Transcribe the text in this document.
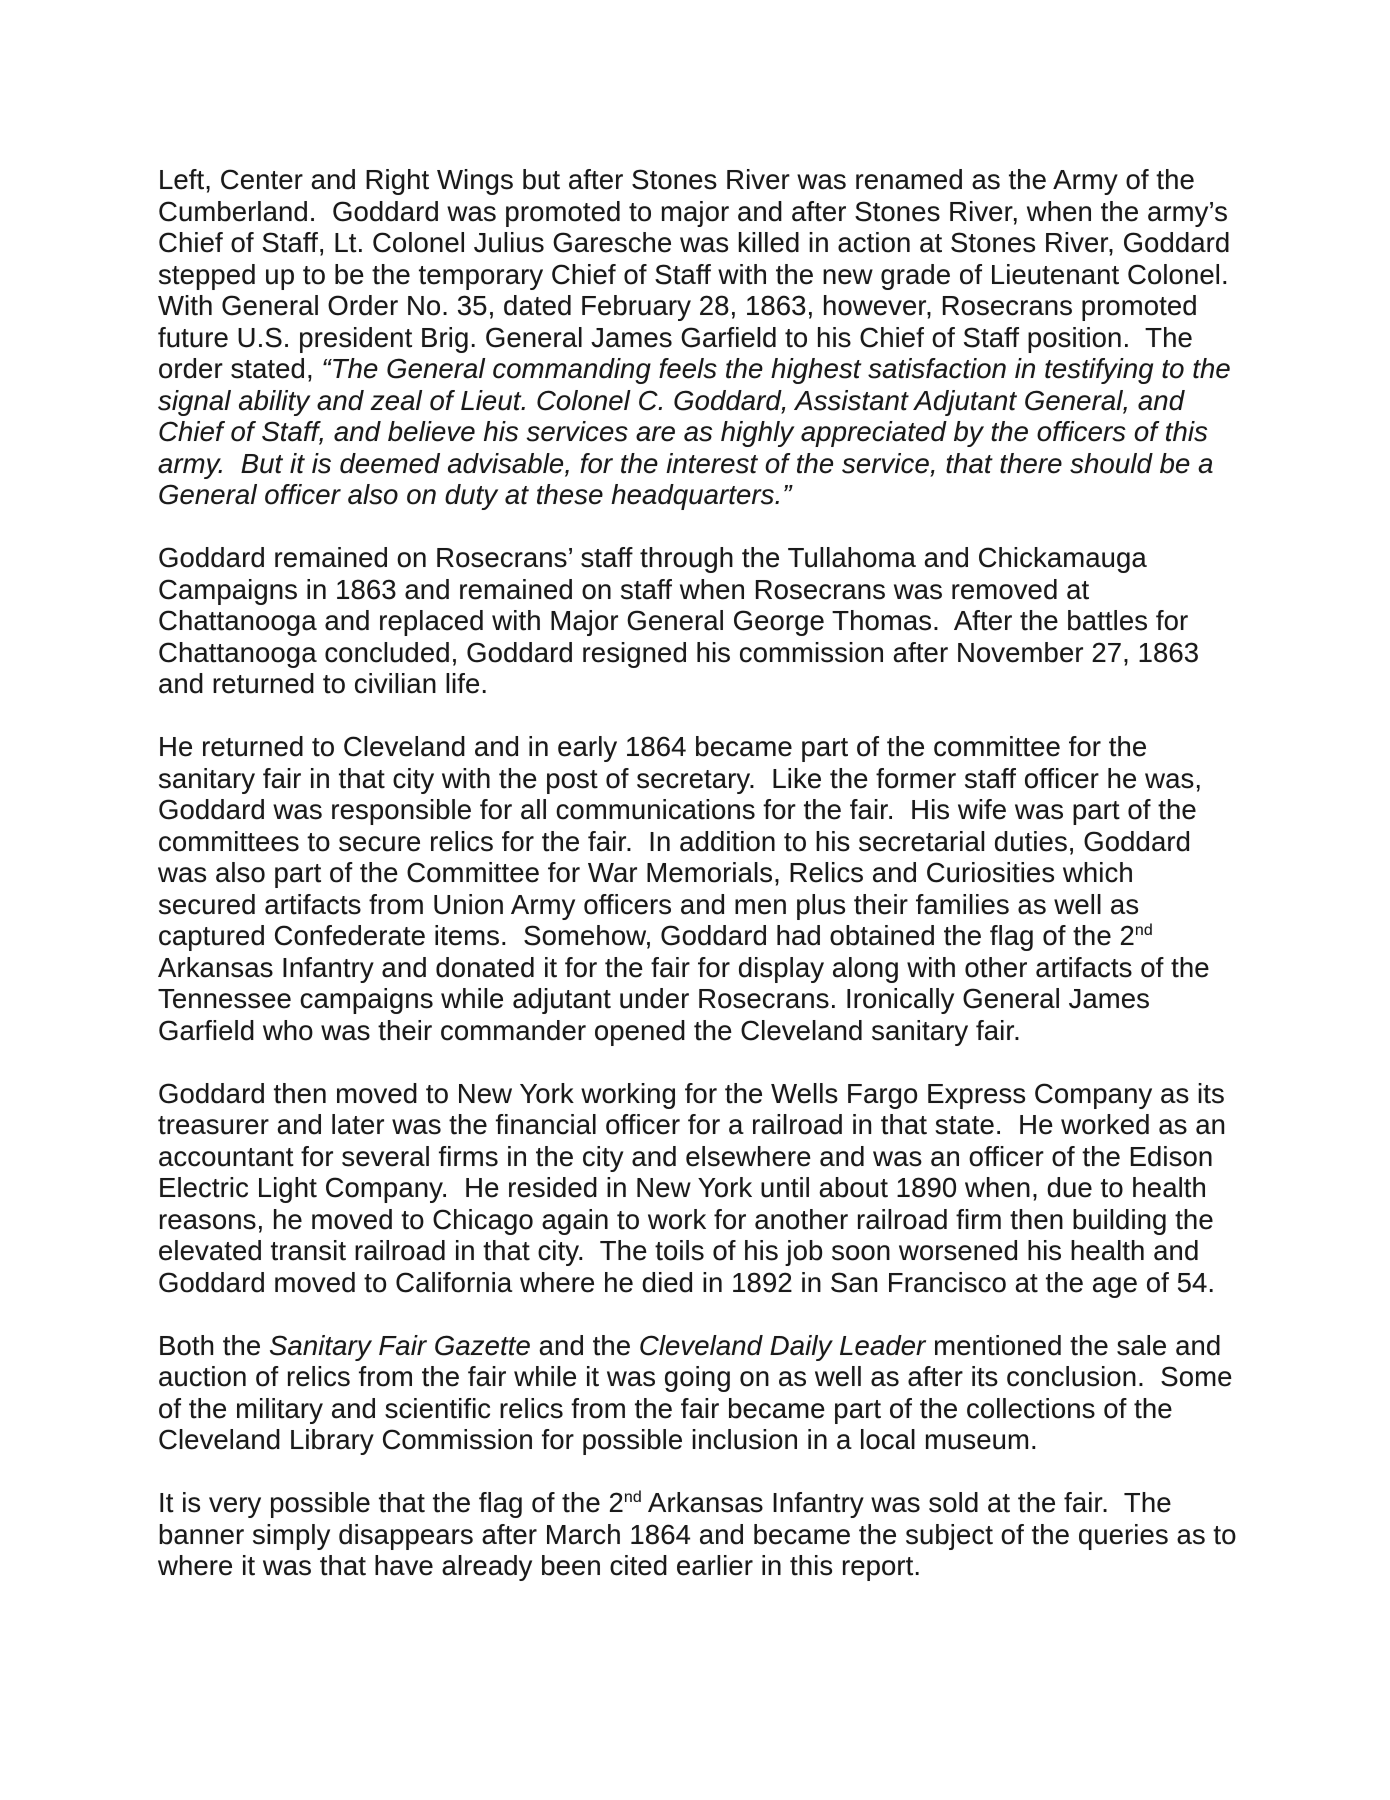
Left, Center and Right Wings but after Stones River was renamed as the Army of the
Cumberland.  Goddard was promoted to major and after Stones River, when the army’s
Chief of Staff, Lt. Colonel Julius Garesche was killed in action at Stones River, Goddard
stepped up to be the temporary Chief of Staff with the new grade of Lieutenant Colonel.
With General Order No. 35, dated February 28, 1863, however, Rosecrans promoted
future U.S. president Brig. General James Garfield to his Chief of Staff position.  The
order stated, “The General commanding feels the highest satisfaction in testifying to the
signal ability and zeal of Lieut. Colonel C. Goddard, Assistant Adjutant General, and
Chief of Staff, and believe his services are as highly appreciated by the officers of this
army.  But it is deemed advisable, for the interest of the service, that there should be a
General officer also on duty at these headquarters.”
Goddard remained on Rosecrans’ staff through the Tullahoma and Chickamauga
Campaigns in 1863 and remained on staff when Rosecrans was removed at
Chattanooga and replaced with Major General George Thomas.  After the battles for
Chattanooga concluded, Goddard resigned his commission after November 27, 1863
and returned to civilian life.
He returned to Cleveland and in early 1864 became part of the committee for the
sanitary fair in that city with the post of secretary.  Like the former staff officer he was,
Goddard was responsible for all communications for the fair.  His wife was part of the
committees to secure relics for the fair.  In addition to his secretarial duties, Goddard
was also part of the Committee for War Memorials, Relics and Curiosities which
secured artifacts from Union Army officers and men plus their families as well as
captured Confederate items.  Somehow, Goddard had obtained the flag of the 2nd
Arkansas Infantry and donated it for the fair for display along with other artifacts of the
Tennessee campaigns while adjutant under Rosecrans. Ironically General James
Garfield who was their commander opened the Cleveland sanitary fair.
Goddard then moved to New York working for the Wells Fargo Express Company as its
treasurer and later was the financial officer for a railroad in that state.  He worked as an
accountant for several firms in the city and elsewhere and was an officer of the Edison
Electric Light Company.  He resided in New York until about 1890 when, due to health
reasons, he moved to Chicago again to work for another railroad firm then building the
elevated transit railroad in that city.  The toils of his job soon worsened his health and
Goddard moved to California where he died in 1892 in San Francisco at the age of 54.
Both the Sanitary Fair Gazette and the Cleveland Daily Leader mentioned the sale and
auction of relics from the fair while it was going on as well as after its conclusion.  Some
of the military and scientific relics from the fair became part of the collections of the
Cleveland Library Commission for possible inclusion in a local museum.
It is very possible that the flag of the 2nd Arkansas Infantry was sold at the fair.  The
banner simply disappears after March 1864 and became the subject of the queries as to
where it was that have already been cited earlier in this report.
